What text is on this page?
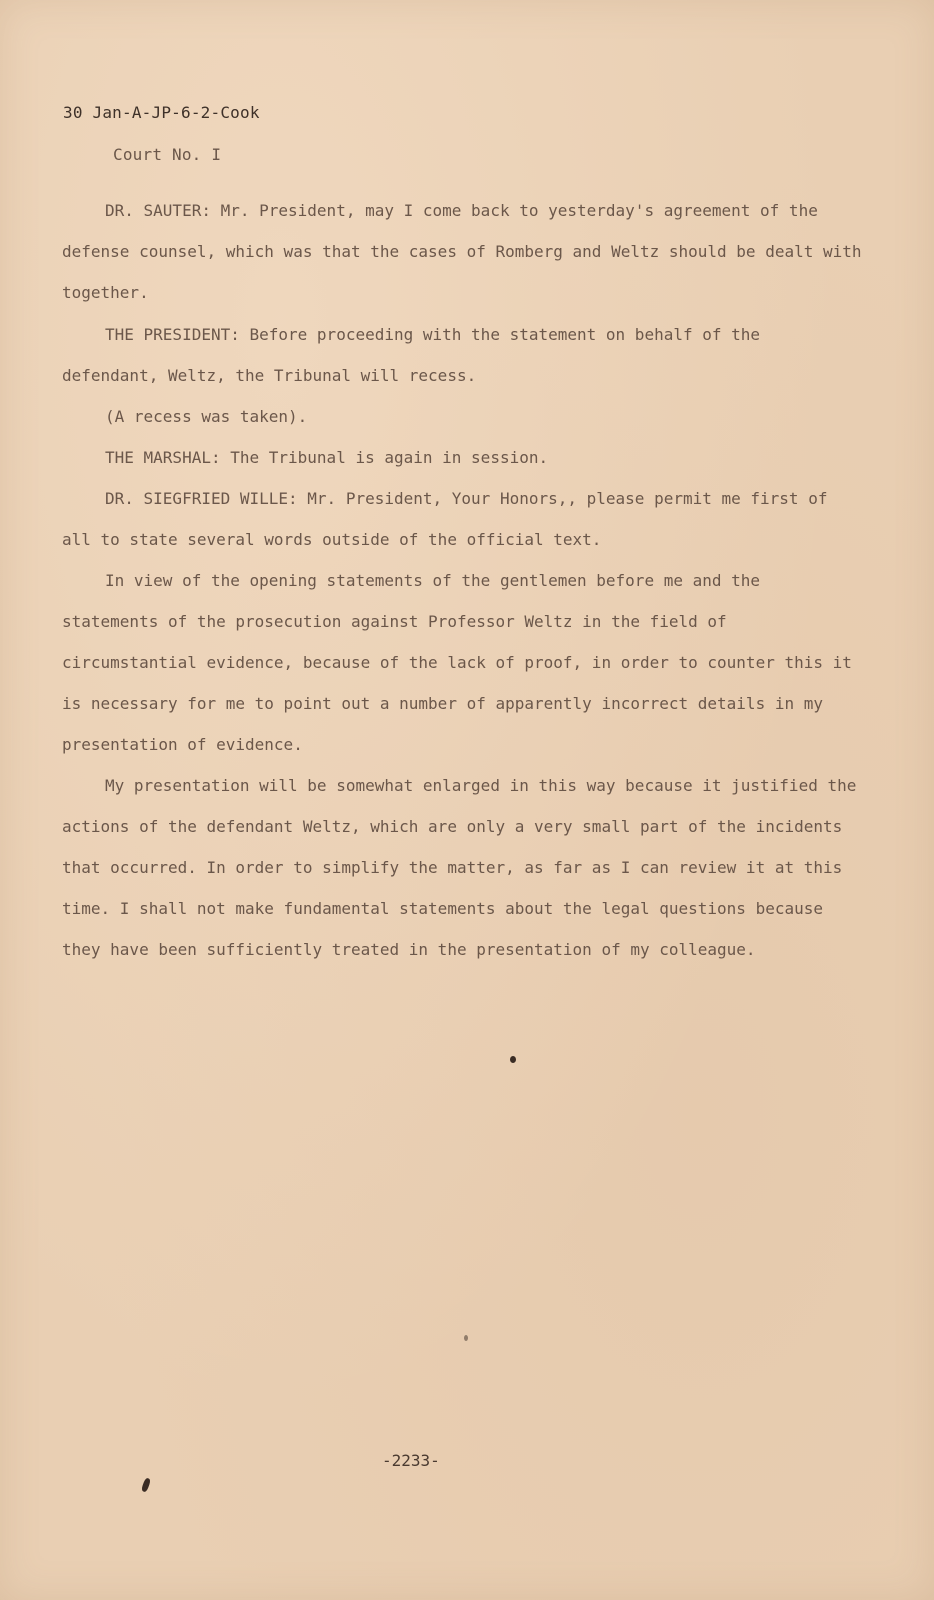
30 Jan-A-JP-6-2-Cook
Court No. I
DR. SAUTER: Mr. President, may I come back to yesterday's agreement of the defense counsel, which was that the cases of Romberg and Weltz should be dealt with together.
THE PRESIDENT: Before proceeding with the statement on behalf of the defendant, Weltz, the Tribunal will recess.
(A recess was taken).
THE MARSHAL: The Tribunal is again in session.
DR. SIEGFRIED WILLE: Mr. President, Your Honors,, please permit me first of all to state several words outside of the official text.
In view of the opening statements of the gentlemen before me and the statements of the prosecution against Professor Weltz in the field of circumstantial evidence, because of the lack of proof, in order to counter this it is necessary for me to point out a number of apparently incorrect details in my presentation of evidence.
My presentation will be somewhat enlarged in this way because it justified the actions of the defendant Weltz, which are only a very small part of the incidents that occurred. In order to simplify the matter, as far as I can review it at this time. I shall not make fundamental statements about the legal questions because they have been sufficiently treated in the presentation of my colleague.
-2233-
